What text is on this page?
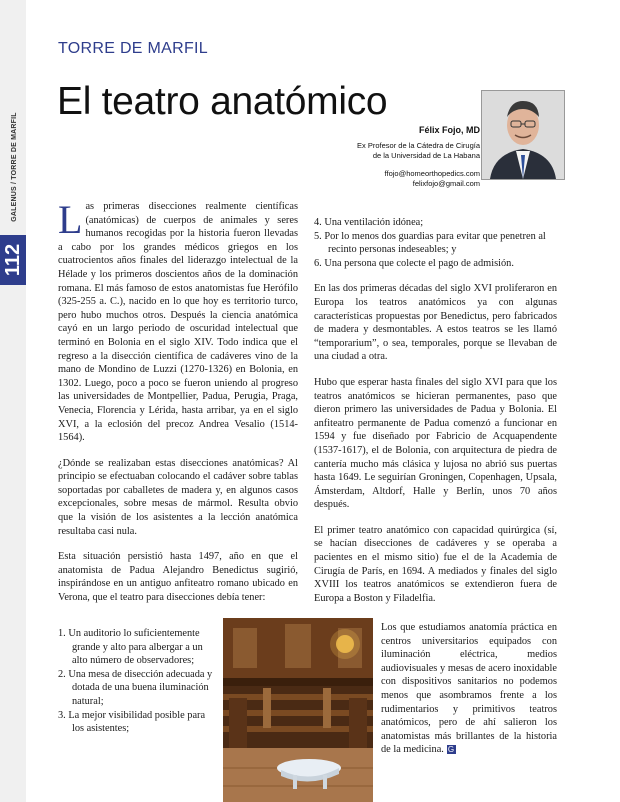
112
GALENUS / TORRE DE MARFIL
TORRE DE MARFIL
El teatro anatómico
Félix Fojo, MD
Ex Profesor de la Cátedra de Cirugía
de la Universidad de La Habana
ffojo@homeorthopedics.com
felixfojo@gmail.com

Las primeras disecciones realmente científicas (anatómicas) de cuerpos de animales y seres humanos recogidas por la historia fueron llevadas a cabo por los grandes médicos griegos en los cuatrocientos años finales del liderazgo intelectual de la Hélade y los primeros doscientos años de la dominación romana. El más famoso de estos anatomistas fue Herófilo (325-255 a. C.), nacido en lo que hoy es territorio turco, pero hubo muchos otros. Después la ciencia anatómica cayó en un largo periodo de oscuridad intelectual que terminó en Bolonia en el siglo XIV. Todo indica que el regreso a la disección científica de cadáveres vino de la mano de Mondino de Luzzi (1270-1326) en Bolonia, en 1302. Luego, poco a poco se fueron uniendo al progreso las universidades de Montpellier, Padua, Perugia, Praga, Venecia, Florencia y Lérida, hasta arribar, ya en el siglo XVI, a la eclosión del precoz Andrea Vesalio (1514-1564).

¿Dónde se realizaban estas disecciones anatómicas? Al principio se efectuaban colocando el cadáver sobre tablas soportadas por caballetes de madera y, en algunos casos excepcionales, sobre mesas de mármol. Resulta obvio que la visión de los asistentes a la lección anatómica resultaba casi nula.

Esta situación persistió hasta 1497, año en que el anatomista de Padua Alejandro Benedictus sugirió, inspirándose en un antiguo anfiteatro romano ubicado en Verona, que el teatro para disecciones debía tener:

1. Un auditorio lo suficientemente grande y alto para albergar a un alto número de observadores;
2. Una mesa de disección adecuada y dotada de una buena iluminación natural;
3. La mejor visibilidad posible para los asistentes;
4. Una ventilación idónea;
5. Por lo menos dos guardias para evitar que penetren al recinto personas indeseables; y
6. Una persona que colecte el pago de admisión.

En las dos primeras décadas del siglo XVI proliferaron en Europa los teatros anatómicos ya con algunas características propuestas por Benedictus, pero fabricados de madera y desmontables. A estos teatros se les llamó “temporarium”, o sea, temporales, porque se llevaban de una ciudad a otra.

Hubo que esperar hasta finales del siglo XVI para que los teatros anatómicos se hicieran permanentes, paso que dieron primero las universidades de Padua y Bolonia. El anfiteatro permanente de Padua comenzó a funcionar en 1594 y fue diseñado por Fabricio de Acquapendente (1537-1617), el de Bolonia, con arquitectura de piedra de cantería mucho más clásica y lujosa no abrió sus puertas hasta 1649. Le seguirían Groningen, Copenhagen, Upsala, Ámsterdam, Altdorf, Halle y Berlín, unos 70 años después.

El primer teatro anatómico con capacidad quirúrgica (sí, se hacían disecciones de cadáveres y se operaba a pacientes en el mismo sitio) fue el de la Academia de Cirugía de París, en 1694. A mediados y finales del siglo XVIII los teatros anatómicos se extendieron fuera de Europa a Boston y Filadelfia.

Los que estudiamos anatomía práctica en centros universitarios equipados con iluminación eléctrica, medios audiovisuales y mesas de acero inoxidable con dispositivos sanitarios no podemos menos que asombramos frente a los rudimentarios y primitivos teatros anatómicos, pero de ahí salieron los anatomistas más brillantes de la historia de la medicina. G
